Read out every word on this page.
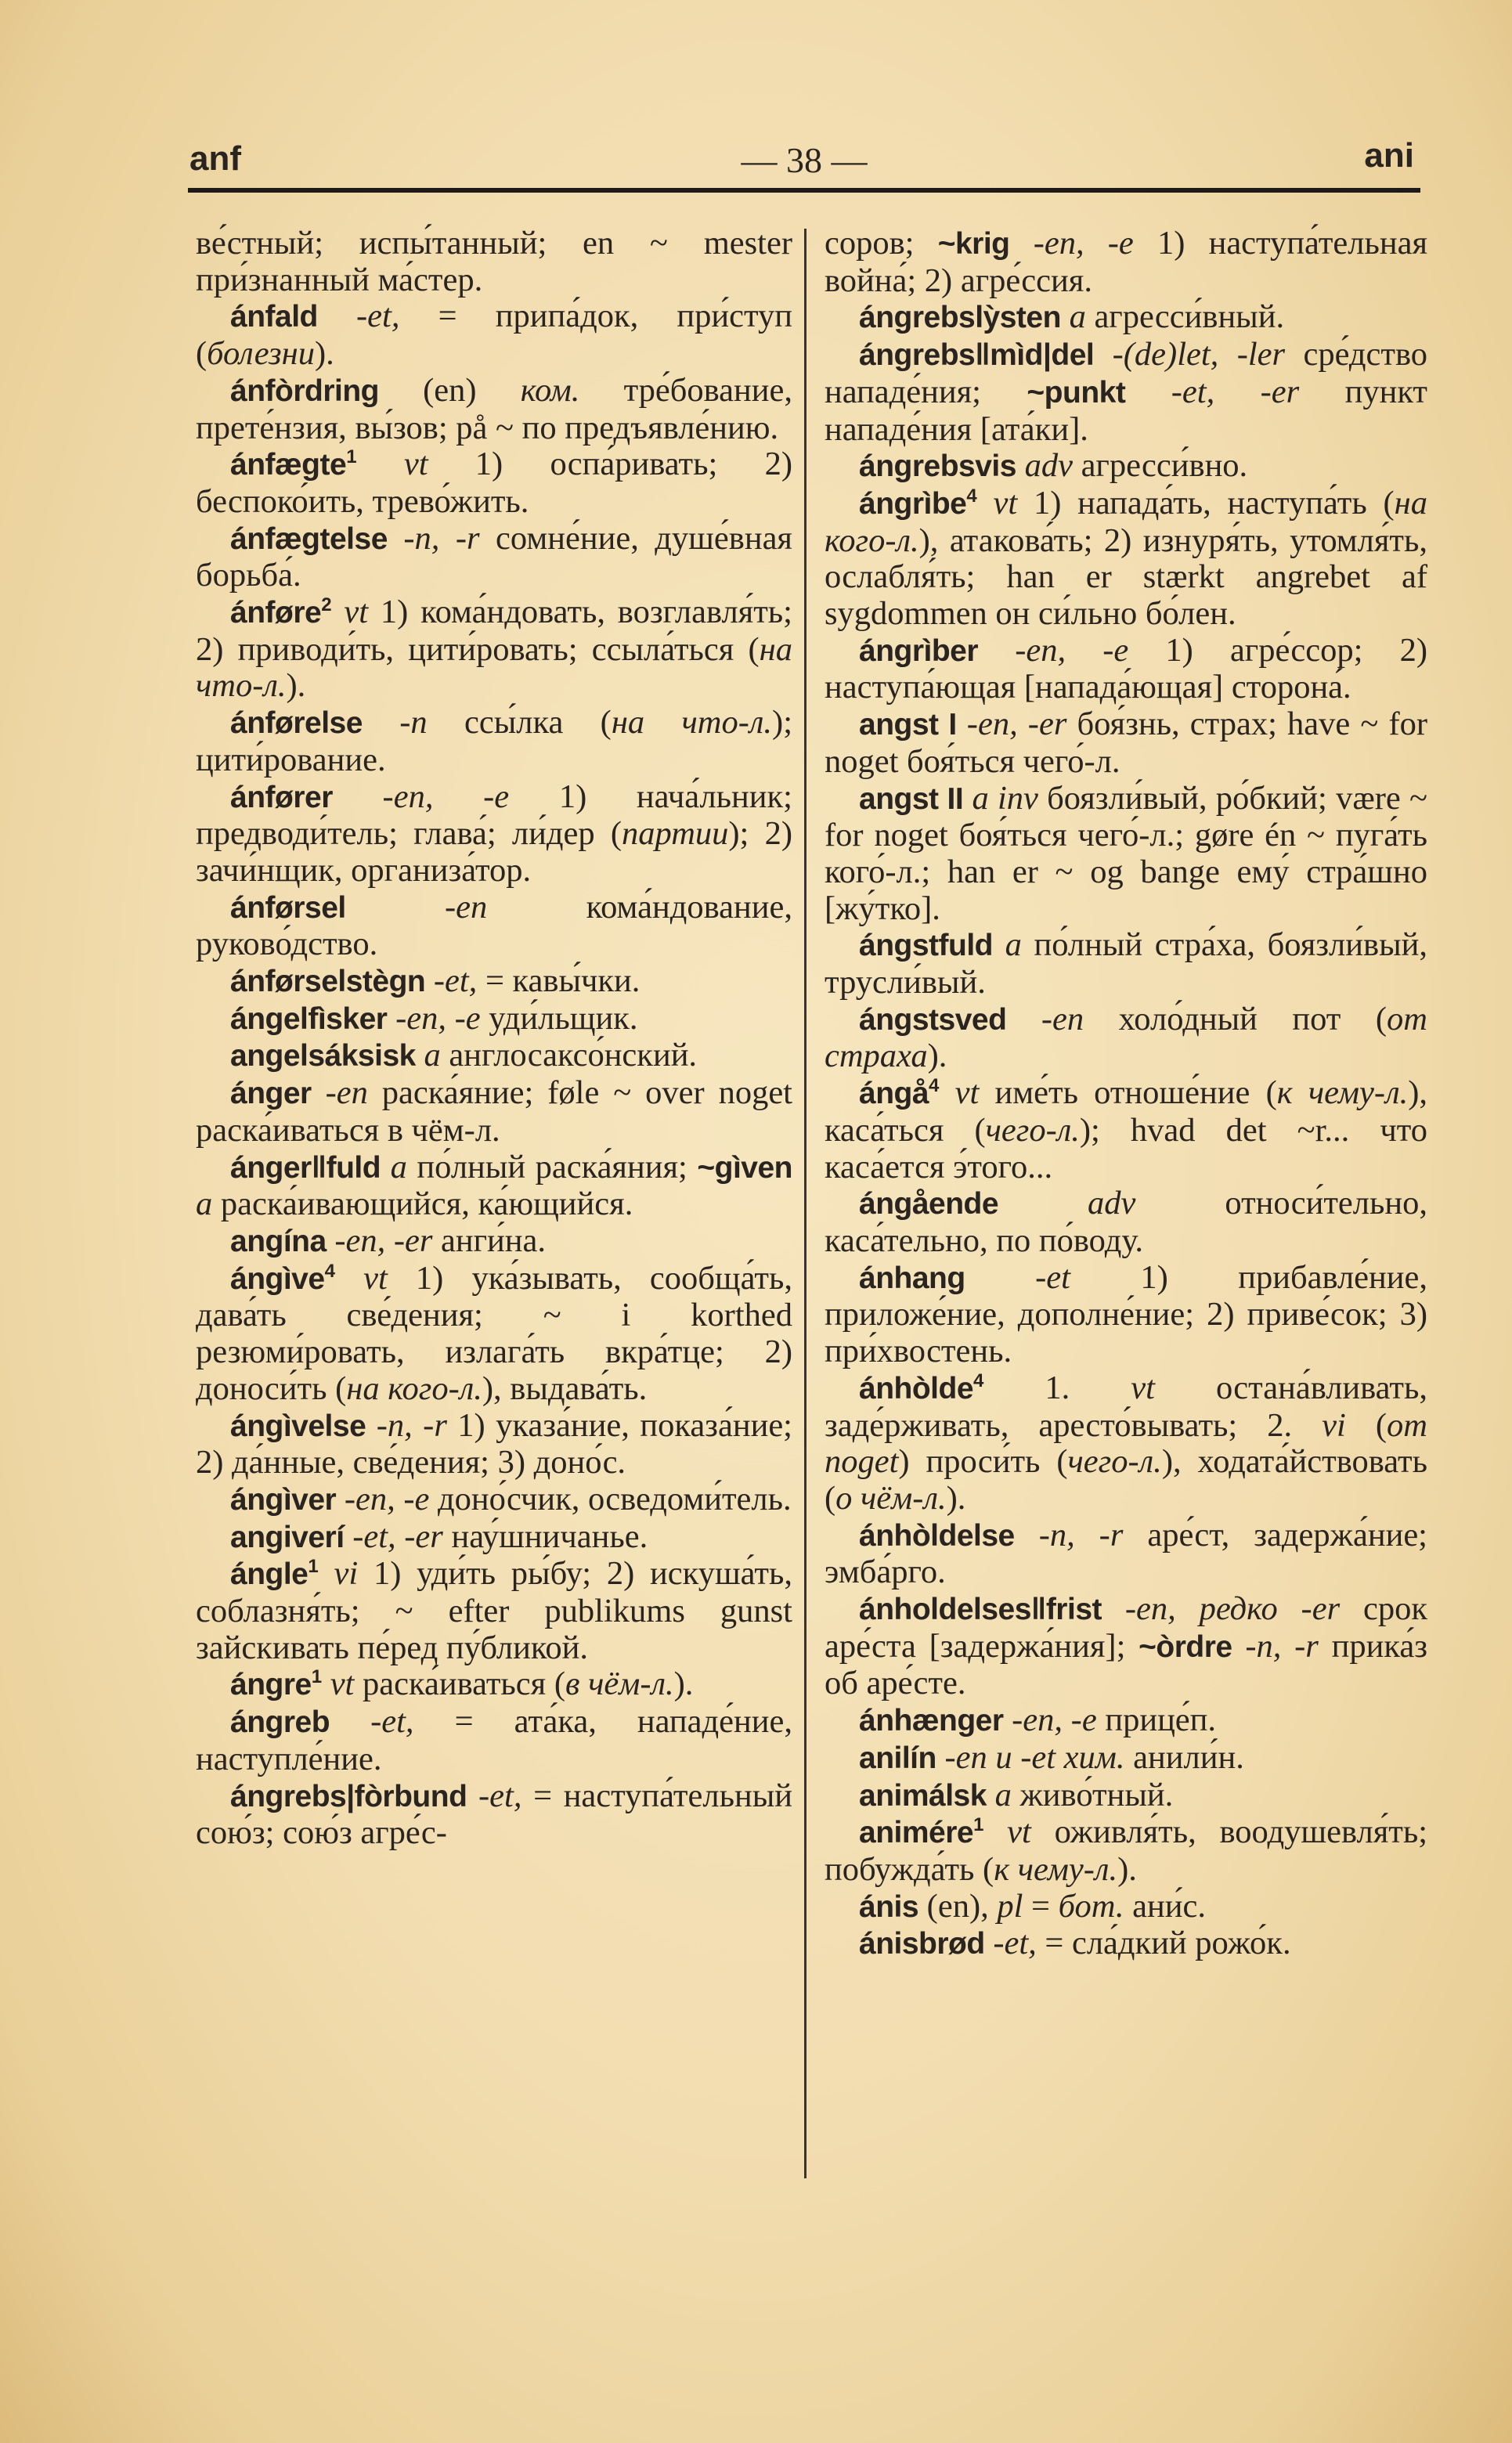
anf	— 38 —	ani

ве́стный; испы́танный; en ~ mester при́знанный ма́стер.

ánfald -et, = припа́док, при́ступ (болезни).

ánfòrdring (en) ком. тре́бование, прете́нзия, вы́зов; på ~ по предъявле́нию.

ánfægte$^1$ vt 1) оспа́ривать; 2) беспоко́ить, трево́жить.

ánfægtelse -n, -r сомне́ние, душе́вная борьба́.

ánføre$^2$ vt 1) кома́ндовать, возглавля́ть; 2) приводи́ть, цити́ровать; ссыла́ться (на что-л.).

ánførelse -n ссы́лка (на что-л.); цити́рование.

ánfører -en, -e 1) нача́льник; предводи́тель; глава́; ли́дер (партии); 2) зачи́нщик, организа́тор.

ánførsel -en кома́ндование, руково́дство.

ánførselstègn -et, = кавы́чки.

ángelfìsker -en, -e уди́льщик.

angelsáksisk a англосаксо́нский.

ánger -en раска́яние; føle ~ over noget раска́иваться в чём-л.

ánger‖fuld a по́лный раска́яния; ~gìven a раска́ивающийся, ка́ющийся.

angína -en, -er анги́на.

ángìve$^4$ vt 1) ука́зывать, сообща́ть, дава́ть све́дения; ~ i korthed резюми́ровать, излага́ть вкра́тце; 2) доноси́ть (на кого-л.), выдава́ть.

ángìvelse -n, -r 1) указа́ние, показа́ние; 2) да́нные, све́дения; 3) доно́с.

ángìver -en, -e доно́счик, осведоми́тель.

angiverí -et, -er нау́шничанье.

ángle$^1$ vi 1) уди́ть ры́бу; 2) искуша́ть, соблазня́ть; ~ efter publikums gunst зайскивать пе́ред пу́бликой.

ángre$^1$ vt раска́иваться (в чём-л.).

ángreb -et, = ата́ка, нападе́ние, наступле́ние.

ángrebs|fòrbund -et, = наступа́тельный сою́з; сою́з агре́с-

соров; ~krig -en, -e 1) наступа́тельная война́; 2) агре́ссия.

ángrebslỳsten a агресси́вный.

ángrebs‖mìd|del -(de)let, -ler сре́дство нападе́ния; ~punkt -et, -er пункт нападе́ния [ата́ки].

ángrebsvis adv агресси́вно.

ángrìbe$^4$ vt 1) напада́ть, наступа́ть (на кого-л.), атакова́ть; 2) изнуря́ть, утомля́ть, ослабля́ть; han er stærkt angrebet af sygdommen он си́льно бо́лен.

ángrìber -en, -e 1) агре́ссор; 2) наступа́ющая [напада́ющая] сторона́.

angst I -en, -er боя́знь, страх; have ~ for noget боя́ться чего́-л.

angst II a inv боязли́вый, ро́бкий; være ~ for noget боя́ться чего́-л.; gøre én ~ пуга́ть кого́-л.; han er ~ og bange ему́ стра́шно [жу́тко].

ángstfuld a по́лный стра́ха, боязли́вый, трусли́вый.

ángstsved -en холо́дный пот (от страха).

ángå$^4$ vt име́ть отноше́ние (к чему-л.), каса́ться (чего-л.); hvad det ~r... что каса́ется э́того...

ángående adv относи́тельно, каса́тельно, по по́воду.

ánhang -et 1) прибавле́ние, приложе́ние, дополне́ние; 2) приве́сок; 3) при́хвостень.

ánhòlde$^4$ 1. vt остана́вливать, заде́рживать, аресто́вывать; 2. vi (om noget) проси́ть (чего-л.), ходата́йствовать (о чём-л.).

ánhòldelse -n, -r аре́ст, задержа́ние; эмба́рго.

ánholdelses‖frist -en, редко -er срок аре́ста [задержа́ния]; ~òrdre -n, -r прика́з об аре́сте.

ánhænger -en, -e прице́п.

anilín -en и -et хим. анили́н.

animálsk a живо́тный.

animére$^1$ vt оживля́ть, воодушевля́ть; побужда́ть (к чему-л.).

ánis (en), pl = бот. ани́с.

ánisbrød -et, = сла́дкий рожо́к.
